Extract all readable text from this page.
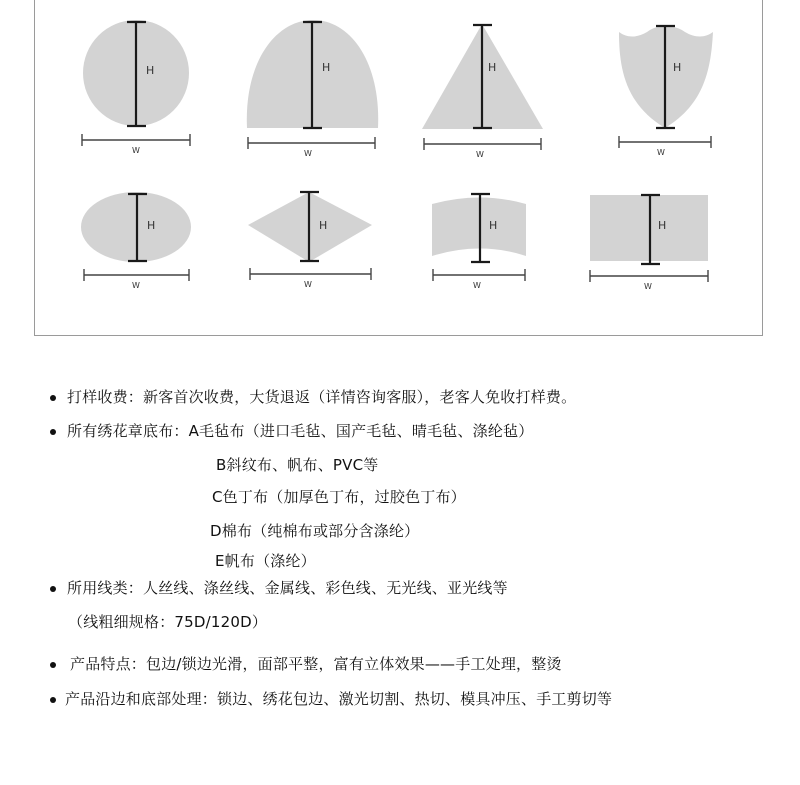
H
W
H
W
H
W
H
W
H
W
H
W
H
W
H
W
打样收费：新客首次收费，大货退返（详情咨询客服），老客人免收打样费。
所有绣花章底布：A毛毡布（进口毛毡、国产毛毡、晴毛毡、涤纶毡）
B斜纹布、帆布、PVC等
C色丁布（加厚色丁布，过胶色丁布）
D棉布（纯棉布或部分含涤纶）
E帆布（涤纶）
所用线类：人丝线、涤丝线、金属线、彩色线、无光线、亚光线等
（线粗细规格：75D/120D）
产品特点：包边/锁边光滑，面部平整，富有立体效果——手工处理，整烫
产品沿边和底部处理：锁边、绣花包边、激光切割、热切、模具冲压、手工剪切等
